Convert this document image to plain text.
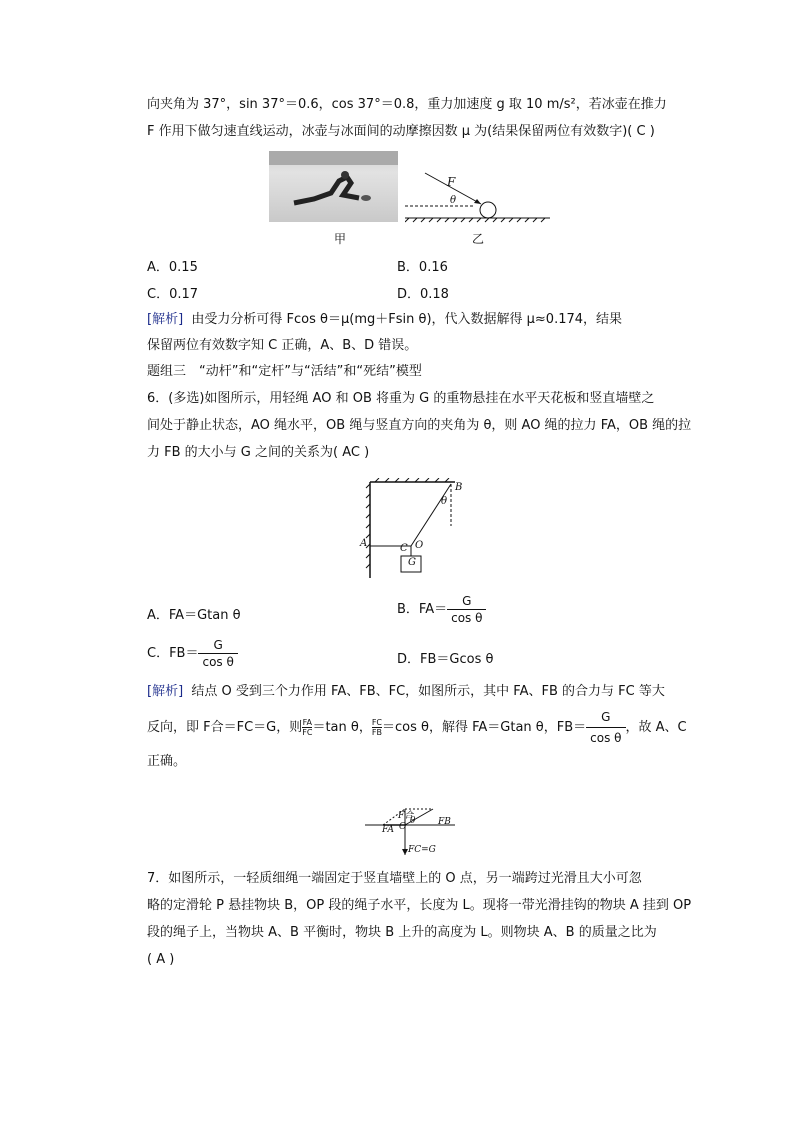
向夹角为 37°，sin 37°＝0.6，cos 37°＝0.8，重力加速度 g 取 10 m/s²，若冰壶在推力
F 作用下做匀速直线运动，冰壶与冰面间的动摩擦因数 μ 为(结果保留两位有效数字)( C )
F
θ
甲	乙
A．0.15	B．0.16
C．0.17	D．0.18
[解析] 由受力分析可得 Fcos θ＝μ(mg＋Fsin θ)，代入数据解得 μ≈0.174，结果
保留两位有效数字知 C 正确，A、B、D 错误。
题组三　“动杆”和“定杆”与“活结”和“死结”模型
6．(多选)如图所示，用轻绳 AO 和 OB 将重为 G 的重物悬挂在水平天花板和竖直墙壁之
间处于静止状态，AO 绳水平，OB 绳与竖直方向的夹角为 θ，则 AO 绳的拉力 FA，OB 绳的拉
力 FB 的大小与 G 之间的关系为( AC )
A
B
C O
G
θ
A．FA＝Gtan θ	B．$FA= \frac{G}{\text{cos θ}}$
C．$FB= \frac{G}{\text{cos θ}}$	D．FB＝Gcos θ
[解析] 结点 O 受到三个力作用 FA、FB、FC，如图所示，其中 FA、FB 的合力与 FC 等大
反向，即 F合＝FC＝G，则 $\frac{FA}{FC} =\tan$ θ， $\frac{FC}{FB} =\cos$ θ，解得 FA＝Gtan θ，$FB= \frac{G}{\text{cos θ}}$ ，故 A、C
正确。
F合
FB
FA O
θ
FC=G
7．如图所示，一轻质细绳一端固定于竖直墙壁上的 O 点，另一端跨过光滑且大小可忽
略的定滑轮 P 悬挂物块 B，OP 段的绳子水平，长度为 L。现将一带光滑挂钩的物块 A 挂到 OP
段的绳子上，当物块 A、B 平衡时，物块 B 上升的高度为 L。则物块 A、B 的质量之比为
( A )
